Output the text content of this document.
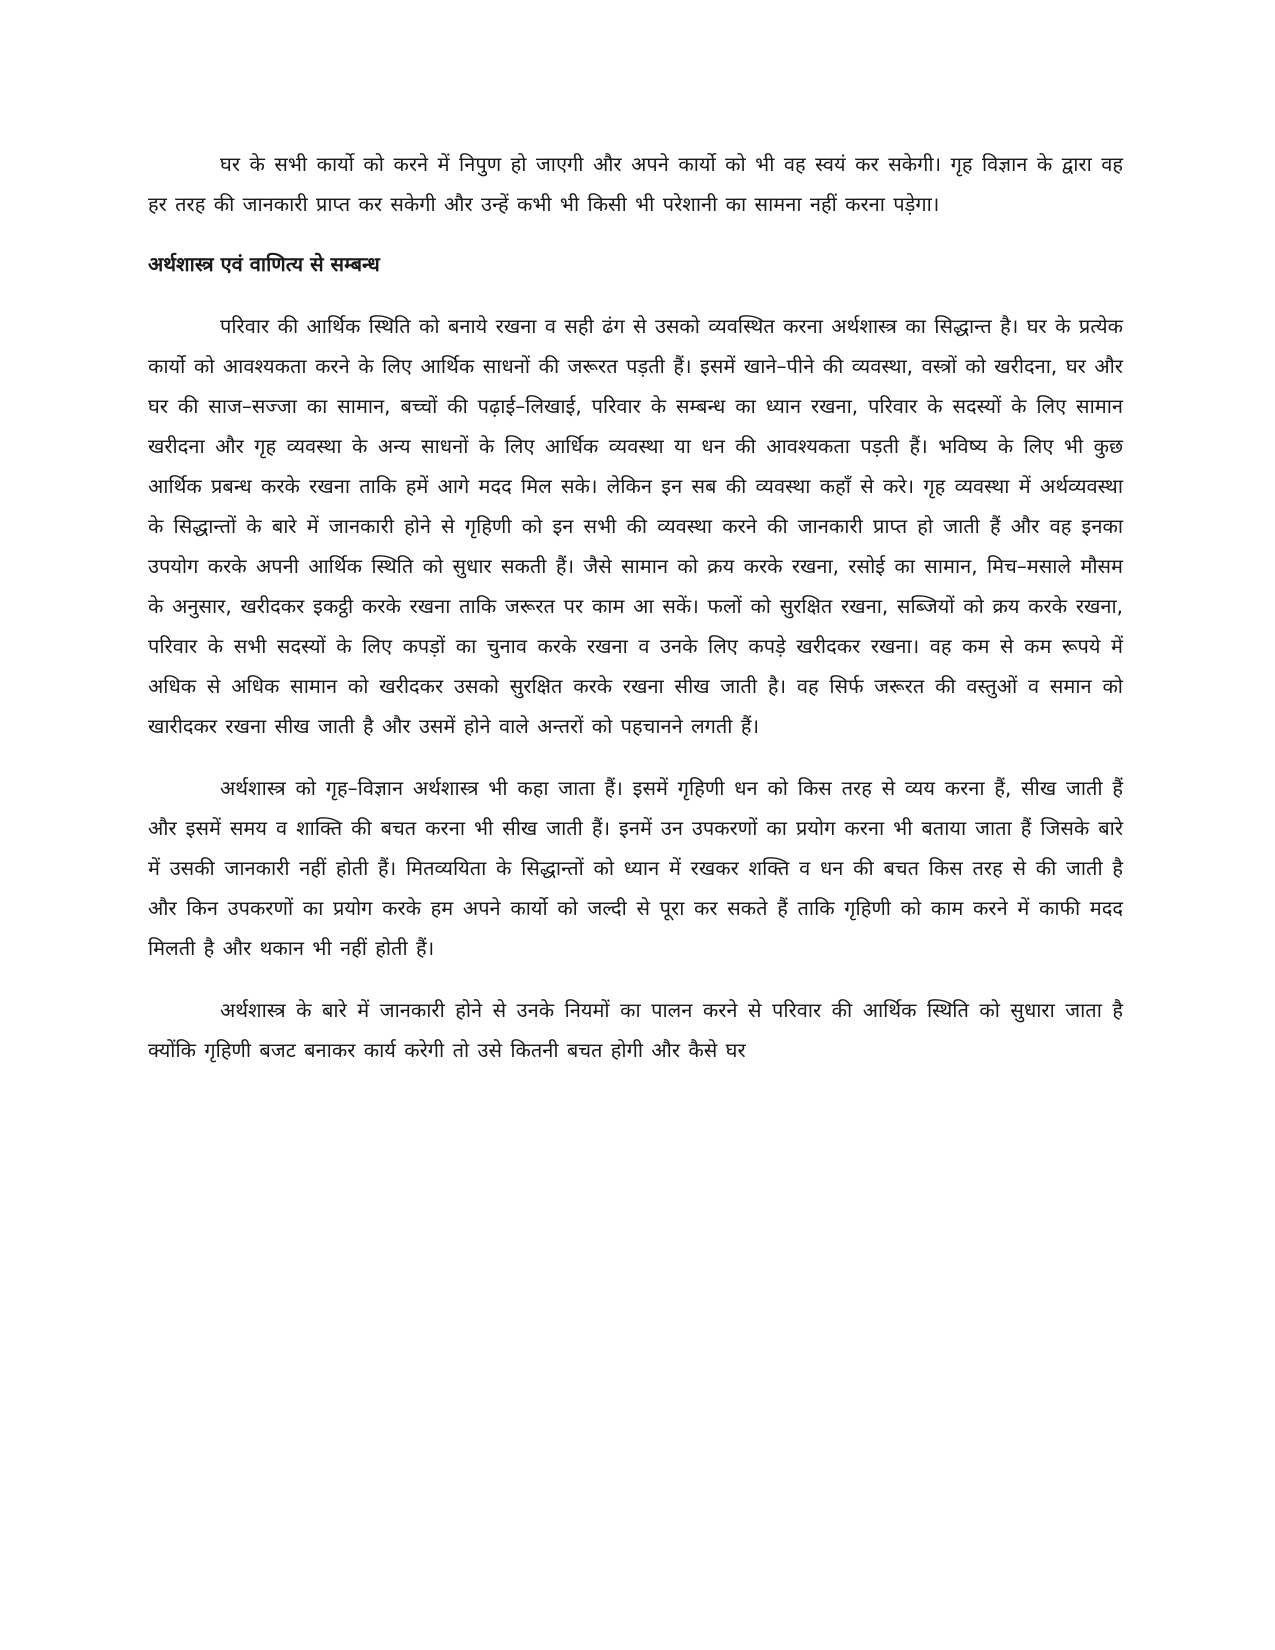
घर के सभी कार्यो को करने में निपुण हो जाएगी और अपने कार्यो को भी वह स्वयं कर सकेगी। गृह विज्ञान के द्वारा वह हर तरह की जानकारी प्राप्त कर सकेगी और उन्हें कभी भी किसी भी परेशानी का सामना नहीं करना पड़ेगा।

अर्थशास्त्र एवं वाणित्य से सम्बन्ध

परिवार की आर्थिक स्थिति को बनाये रखना व सही ढंग से उसको व्यवस्थित करना अर्थशास्त्र का सिद्धान्त है। घर के प्रत्येक कार्यो को आवश्यकता करने के लिए आर्थिक साधनों की जरूरत पड़ती हैं। इसमें खाने–पीने की व्यवस्था, वस्त्रों को खरीदना, घर और घर की साज–सज्जा का सामान, बच्चों की पढ़ाई–लिखाई, परिवार के सम्बन्ध का ध्यान रखना, परिवार के सदस्यों के लिए सामान खरीदना और गृह व्यवस्था के अन्य साधनों के लिए आर्धिक व्यवस्था या धन की आवश्यकता पड़ती हैं। भविष्य के लिए भी कुछ आर्थिक प्रबन्ध करके रखना ताकि हमें आगे मदद मिल सके। लेकिन इन सब की व्यवस्था कहाँ से करे। गृह व्यवस्था में अर्थव्यवस्था के सिद्धान्तों के बारे में जानकारी होने से गृहिणी को इन सभी की व्यवस्था करने की जानकारी प्राप्त हो जाती हैं और वह इनका उपयोग करके अपनी आर्थिक स्थिति को सुधार सकती हैं। जैसे सामान को क्रय करके रखना, रसोई का सामान, मिच–मसाले मौसम के अनुसार, खरीदकर इकट्ठी करके रखना ताकि जरूरत पर काम आ सकें। फलों को सुरक्षित रखना, सब्जियों को क्रय करके रखना, परिवार के सभी सदस्यों के लिए कपड़ों का चुनाव करके रखना व उनके लिए कपड़े खरीदकर रखना। वह कम से कम रूपये में अधिक से अधिक सामान को खरीदकर उसको सुरक्षित करके रखना सीख जाती है। वह सिर्फ जरूरत की वस्तुओं व समान को खारीदकर रखना सीख जाती है और उसमें होने वाले अन्तरों को पहचानने लगती हैं।

अर्थशास्त्र को गृह–विज्ञान अर्थशास्त्र भी कहा जाता हैं। इसमें गृहिणी धन को किस तरह से व्यय करना हैं, सीख जाती हैं और इसमें समय व शाक्ति की बचत करना भी सीख जाती हैं। इनमें उन उपकरणों का प्रयोग करना भी बताया जाता हैं जिसके बारे में उसकी जानकारी नहीं होती हैं। मितव्ययिता के सिद्धान्तों को ध्यान में रखकर शक्ति व धन की बचत किस तरह से की जाती है और किन उपकरणों का प्रयोग करके हम अपने कार्यो को जल्दी से पूरा कर सकते हैं ताकि गृहिणी को काम करने में काफी मदद मिलती है और थकान भी नहीं होती हैं।

अर्थशास्त्र के बारे में जानकारी होने से उनके नियमों का पालन करने से परिवार की आर्थिक स्थिति को सुधारा जाता है क्योंकि गृहिणी बजट बनाकर कार्य करेगी तो उसे कितनी बचत होगी और कैसे घर
